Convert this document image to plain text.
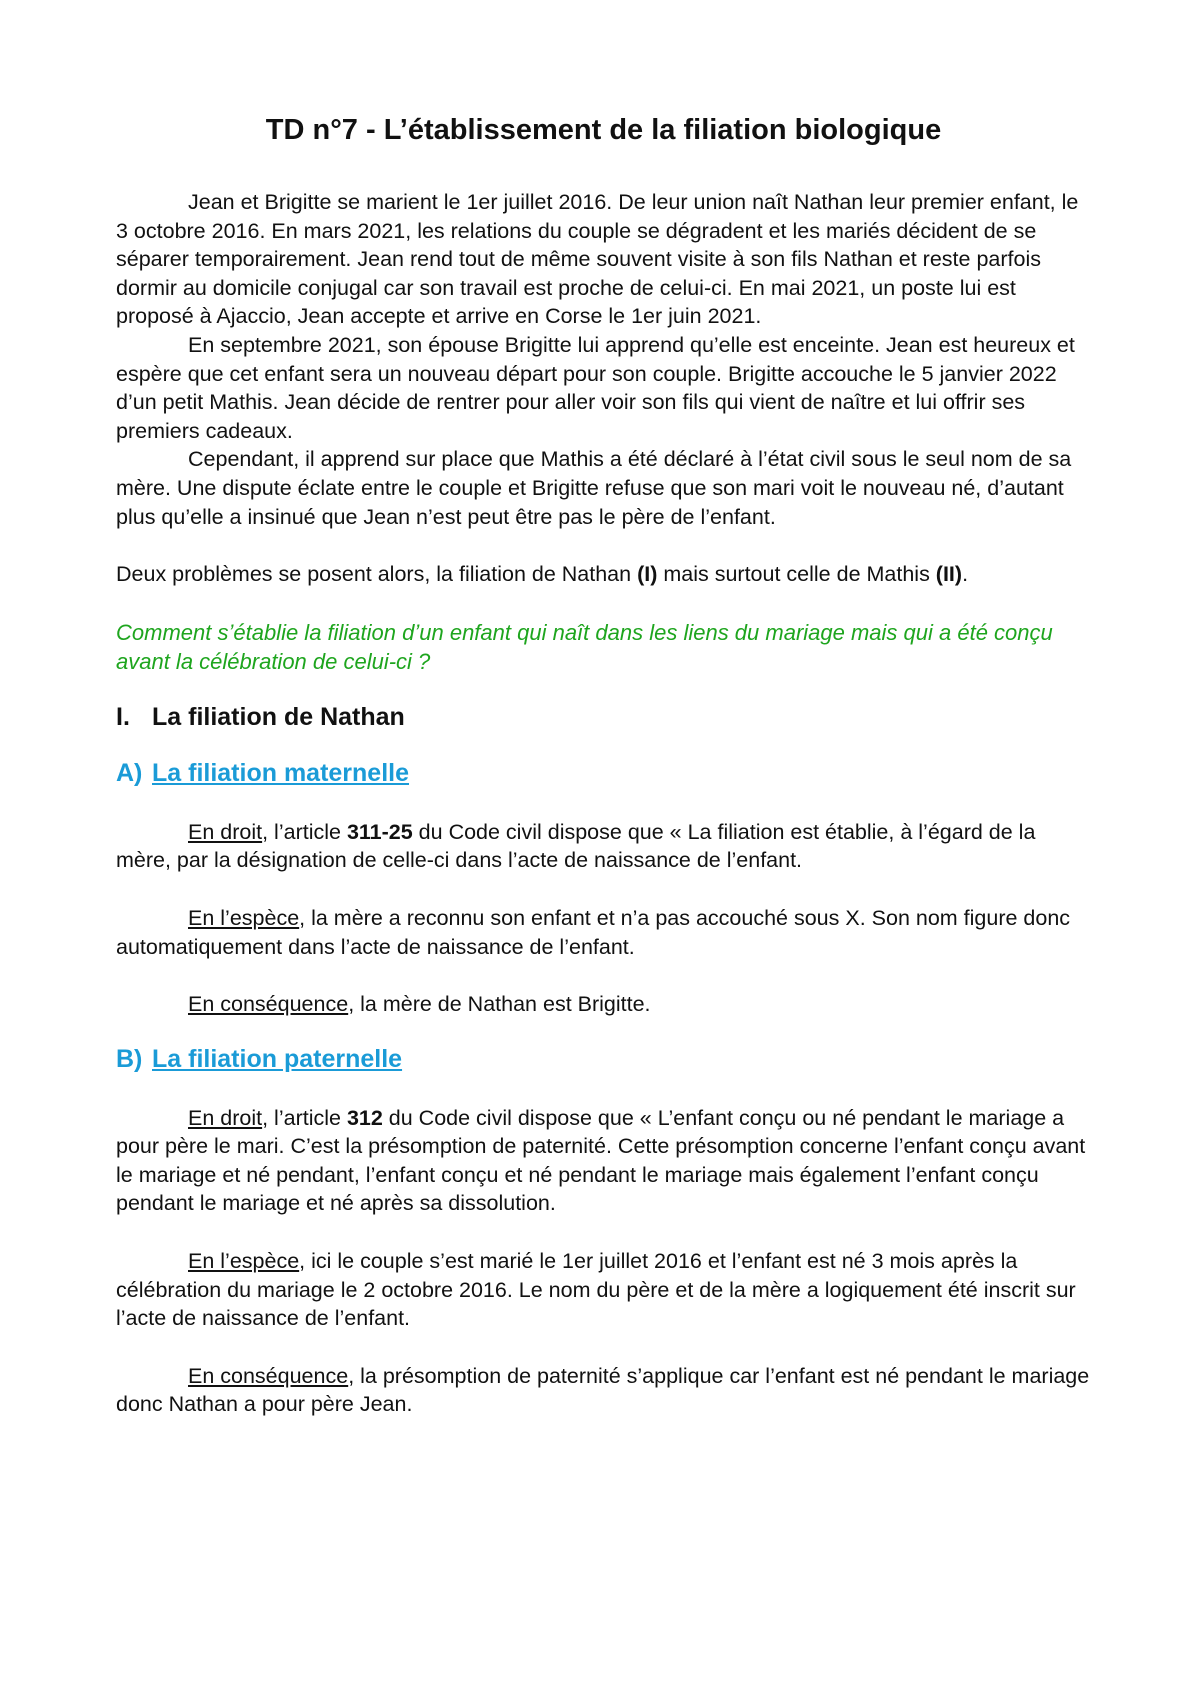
TD n°7 - L’établissement de la filiation biologique

Jean et Brigitte se marient le 1er juillet 2016. De leur union naît Nathan leur premier enfant, le 3 octobre 2016. En mars 2021, les relations du couple se dégradent et les mariés décident de se séparer temporairement. Jean rend tout de même souvent visite à son fils Nathan et reste parfois dormir au domicile conjugal car son travail est proche de celui-ci. En mai 2021, un poste lui est proposé à Ajaccio, Jean accepte et arrive en Corse le 1er juin 2021.

En septembre 2021, son épouse Brigitte lui apprend qu’elle est enceinte. Jean est heureux et espère que cet enfant sera un nouveau départ pour son couple. Brigitte accouche le 5 janvier 2022 d’un petit Mathis. Jean décide de rentrer pour aller voir son fils qui vient de naître et lui offrir ses premiers cadeaux.

Cependant, il apprend sur place que Mathis a été déclaré à l’état civil sous le seul nom de sa mère. Une dispute éclate entre le couple et Brigitte refuse que son mari voit le nouveau né, d’autant plus qu’elle a insinué que Jean n’est peut être pas le père de l’enfant.

Deux problèmes se posent alors, la filiation de Nathan (I) mais surtout celle de Mathis (II).

Comment s’établie la filiation d’un enfant qui naît dans les liens du mariage mais qui a été conçu avant la célébration de celui-ci ?

I. La filiation de Nathan
A) La filiation maternelle

En droit, l’article 311-25 du Code civil dispose que « La filiation est établie, à l’égard de la mère, par la désignation de celle-ci dans l’acte de naissance de l’enfant.

En l’espèce, la mère a reconnu son enfant et n’a pas accouché sous X. Son nom figure donc automatiquement dans l’acte de naissance de l’enfant.

En conséquence, la mère de Nathan est Brigitte.

B) La filiation paternelle

En droit, l’article 312 du Code civil dispose que « L’enfant conçu ou né pendant le mariage a pour père le mari. C’est la présomption de paternité. Cette présomption concerne l’enfant conçu avant le mariage et né pendant, l’enfant conçu et né pendant le mariage mais également l’enfant conçu pendant le mariage et né après sa dissolution.

En l’espèce, ici le couple s’est marié le 1er juillet 2016 et l’enfant est né 3 mois après la célébration du mariage le 2 octobre 2016. Le nom du père et de la mère a logiquement été inscrit sur l’acte de naissance de l’enfant.

En conséquence, la présomption de paternité s’applique car l’enfant est né pendant le mariage donc Nathan a pour père Jean.
